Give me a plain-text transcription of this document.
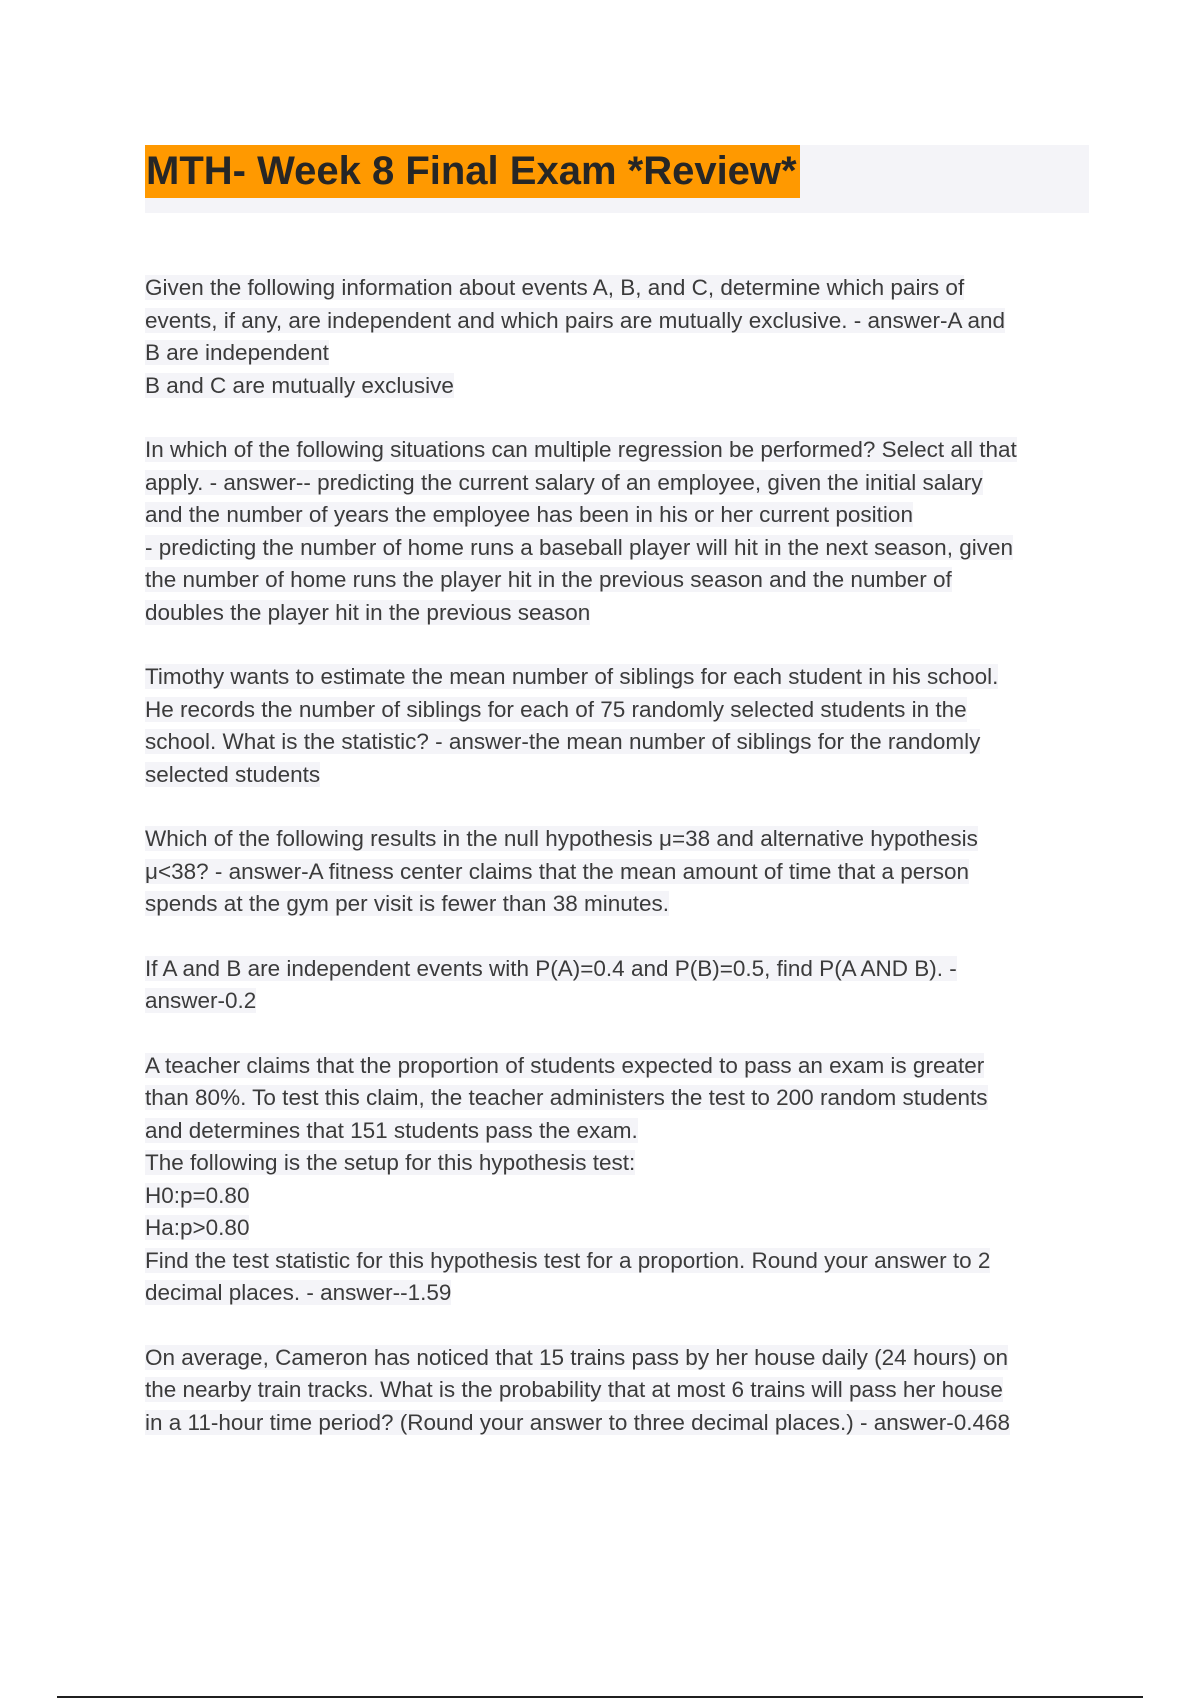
MTH- Week 8 Final Exam *Review*
Given the following information about events A, B, and C, determine which pairs of
events, if any, are independent and which pairs are mutually exclusive. - answer-A and
B are independent
B and C are mutually exclusive
In which of the following situations can multiple regression be performed? Select all that
apply. - answer-- predicting the current salary of an employee, given the initial salary
and the number of years the employee has been in his or her current position
- predicting the number of home runs a baseball player will hit in the next season, given
the number of home runs the player hit in the previous season and the number of
doubles the player hit in the previous season
Timothy wants to estimate the mean number of siblings for each student in his school.
He records the number of siblings for each of 75 randomly selected students in the
school. What is the statistic? - answer-the mean number of siblings for the randomly
selected students
Which of the following results in the null hypothesis μ=38 and alternative hypothesis
μ<38? - answer-A fitness center claims that the mean amount of time that a person
spends at the gym per visit is fewer than 38 minutes.
If A and B are independent events with P(A)=0.4 and P(B)=0.5, find P(A AND B). -
answer-0.2
A teacher claims that the proportion of students expected to pass an exam is greater
than 80%. To test this claim, the teacher administers the test to 200 random students
and determines that 151 students pass the exam.
The following is the setup for this hypothesis test:
H0:p=0.80
Ha:p>0.80
Find the test statistic for this hypothesis test for a proportion. Round your answer to 2
decimal places. - answer--1.59
On average, Cameron has noticed that 15 trains pass by her house daily (24 hours) on
the nearby train tracks. What is the probability that at most 6 trains will pass her house
in a 11-hour time period? (Round your answer to three decimal places.) - answer-0.468
